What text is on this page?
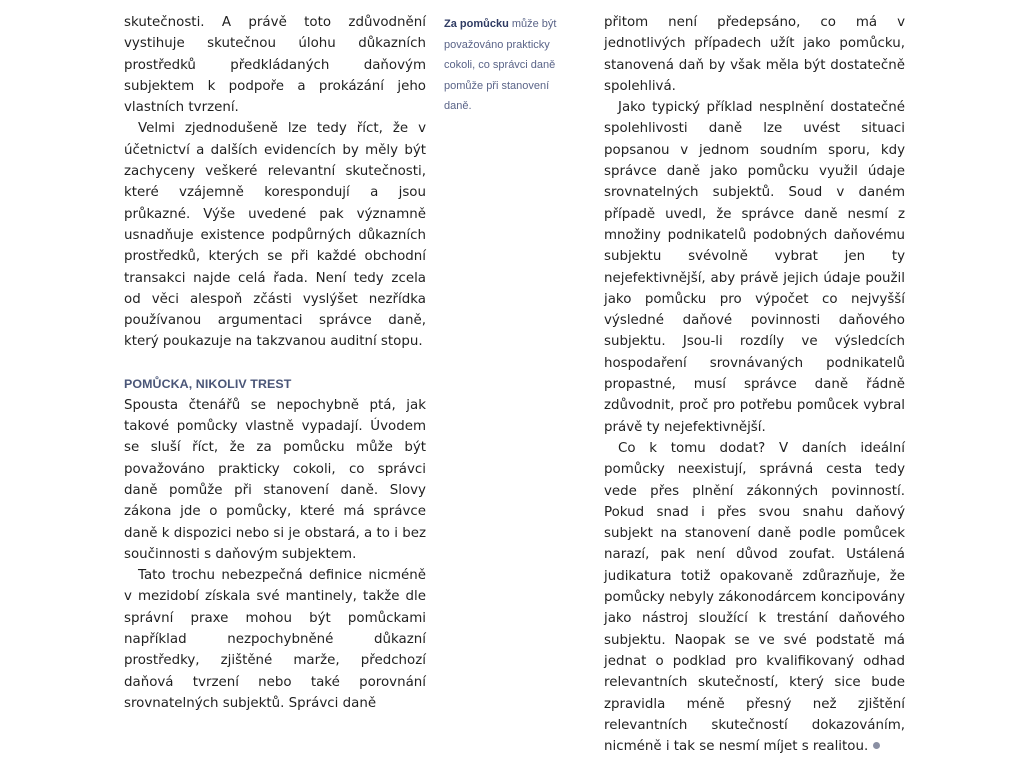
skutečnosti. A právě toto zdůvodnění vystihuje skutečnou úlohu důkazních prostředků předkládaných daňovým subjektem k podpoře a prokázání jeho vlastních tvrzení.

Velmi zjednodušeně lze tedy říct, že v účetnictví a dalších evidencích by měly být zachyceny veškeré relevantní skutečnosti, které vzájemně korespondují a jsou průkazné. Výše uvedené pak významně usnadňuje existence podpůrných důkazních prostředků, kterých se při každé obchodní transakci najde celá řada. Není tedy zcela od věci alespoň zčásti vyslýšet nezřídka používanou argumentaci správce daně, který poukazuje na takzvanou auditní stopu.

POMŮCKA, NIKOLIV TREST

Spousta čtenářů se nepochybně ptá, jak takové pomůcky vlastně vypadají. Úvodem se sluší říct, že za pomůcku může být považováno prakticky cokoli, co správci daně pomůže při stanovení daně. Slovy zákona jde o pomůcky, které má správce daně k dispozici nebo si je obstará, a to i bez součinnosti s daňovým subjektem.

Tato trochu nebezpečná definice nicméně v mezidobí získala své mantinely, takže dle správní praxe mohou být pomůckami například nezpochybněné důkazní prostředky, zjištěné marže, předchozí daňová tvrzení nebo také porovnání srovnatelných subjektů. Správci daně

Za pomůcku může být považováno prakticky cokoli, co správci daně pomůže při stanovení daně.

přitom není předepsáno, co má v jednotlivých případech užít jako pomůcku, stanovená daň by však měla být dostatečně spolehlivá.

Jako typický příklad nesplnění dostatečné spolehlivosti daně lze uvést situaci popsanou v jednom soudním sporu, kdy správce daně jako pomůcku využil údaje srovnatelných subjektů. Soud v daném případě uvedl, že správce daně nesmí z množiny podnikatelů podobných daňovému subjektu svévolně vybrat jen ty nejefektivnější, aby právě jejich údaje použil jako pomůcku pro výpočet co nejvyšší výsledné daňové povinnosti daňového subjektu. Jsou-li rozdíly ve výsledcích hospodaření srovnávaných podnikatelů propastné, musí správce daně řádně zdůvodnit, proč pro potřebu pomůcek vybral právě ty nejefektivnější.

Co k tomu dodat? V daních ideální pomůcky neexistují, správná cesta tedy vede přes plnění zákonných povinností. Pokud snad i přes svou snahu daňový subjekt na stanovení daně podle pomůcek narazí, pak není důvod zoufat. Ustálená judikatura totiž opakovaně zdůrazňuje, že pomůcky nebyly zákonodárcem koncipovány jako nástroj sloužící k trestání daňového subjektu. Naopak se ve své podstatě má jednat o podklad pro kvalifikovaný odhad relevantních skutečností, který sice bude zpravidla méně přesný než zjištění relevantních skutečností dokazováním, nicméně i tak se nesmí míjet s realitou.
